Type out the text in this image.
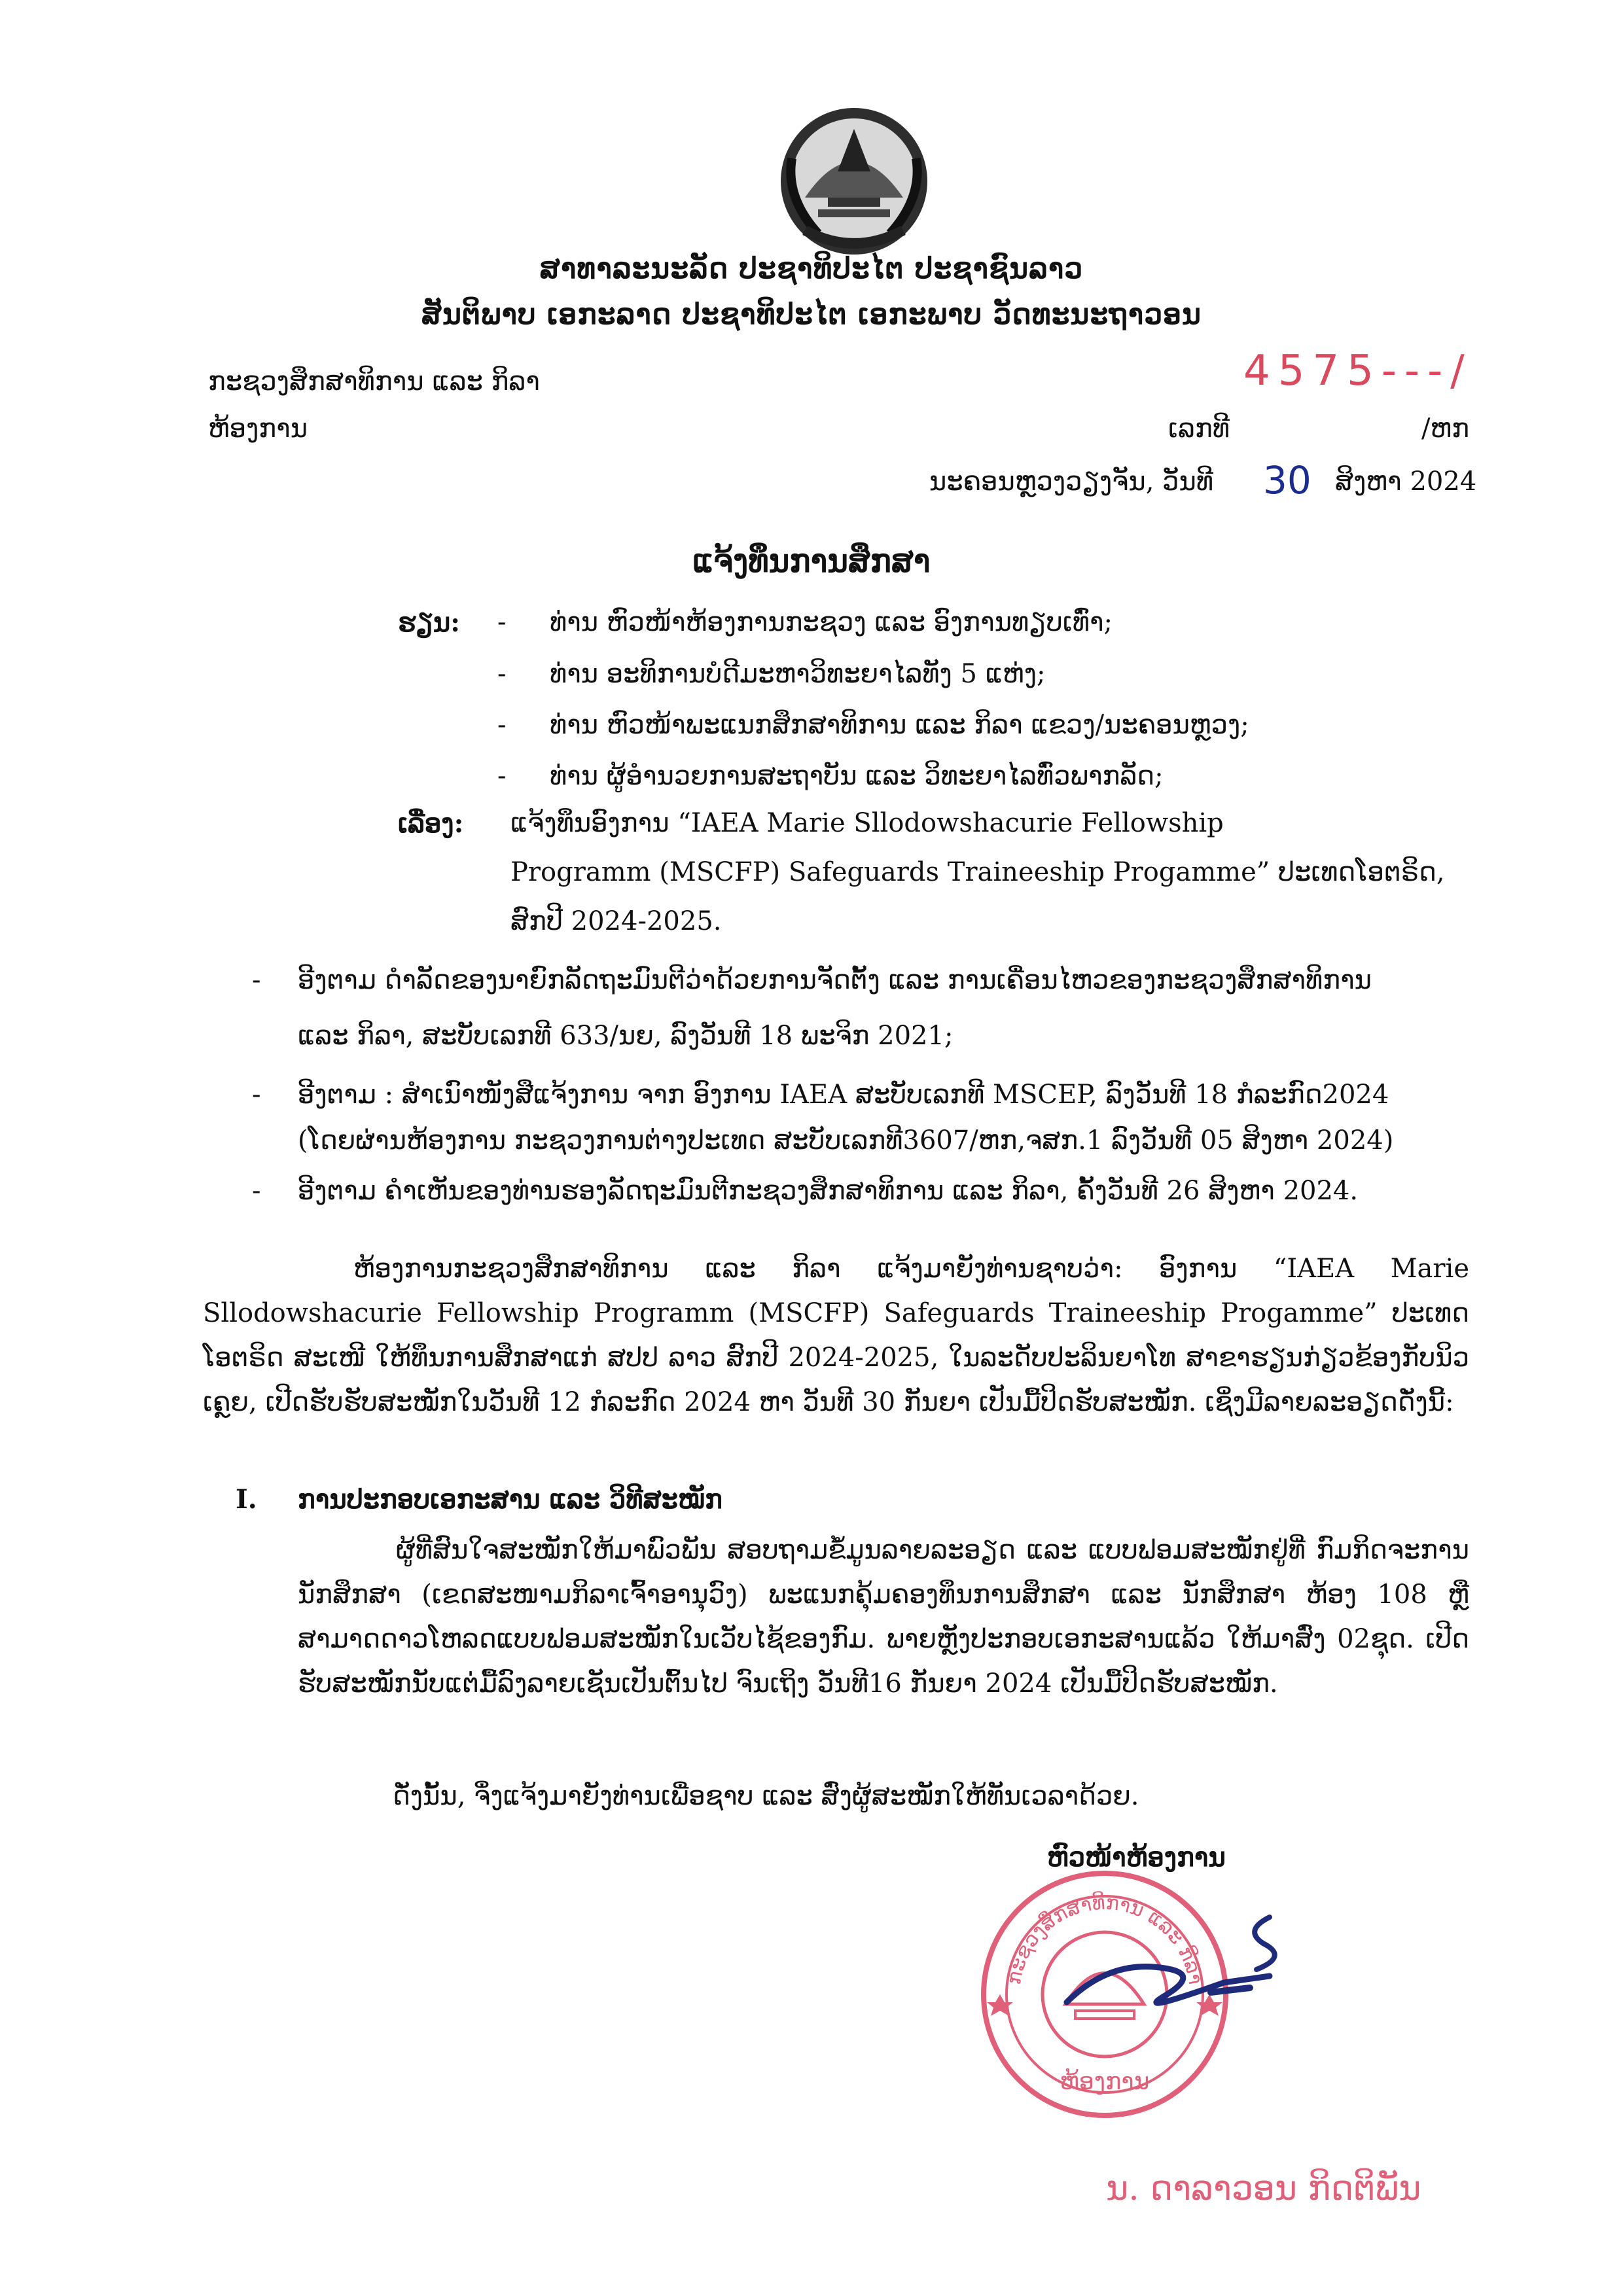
ສາທາລະນະລັດ ປະຊາທິປະໄຕ ປະຊາຊົນລາວ
ສັນຕິພາບ ເອກະລາດ ປະຊາທິປະໄຕ ເອກະພາບ ວັດທະນະຖາວອນ
ກະຊວງສຶກສາທິການ ແລະ ກິລາ
ຫ້ອງການ
4575---/
ເລກທີ	/ຫກ
ນະຄອນຫຼວງວຽງຈັນ, ວັນທີ 30 ສິງຫາ 2024
ແຈ້ງທຶນການສຶກສາ
ຮຽນ: - ທ່ານ ຫົວໜ້າຫ້ອງການກະຊວງ ແລະ ອົງການທຽບເທົ່າ;
- ທ່ານ ອະທິການບໍດີມະຫາວິທະຍາໄລທັງ 5 ແຫ່ງ;
- ທ່ານ ຫົວໜ້າພະແນກສຶກສາທິການ ແລະ ກິລາ ແຂວງ/ນະຄອນຫຼວງ;
- ທ່ານ ຜູ້ອຳນວຍການສະຖາບັນ ແລະ ວິທະຍາໄລທົ່ວພາກລັດ;
ເລື່ອງ: ແຈ້ງທຶນອົງການ “IAEA Marie Sllodowshacurie Fellowship
Programm (MSCFP) Safeguards Traineeship Progamme” ປະເທດໂອຕຣິດ,
ສົກປີ 2024-2025.
- ອີງຕາມ ດຳລັດຂອງນາຍົກລັດຖະມົນຕີວ່າດ້ວຍການຈັດຕັ້ງ ແລະ ການເຄື່ອນໄຫວຂອງກະຊວງສຶກສາທິການ
ແລະ ກິລາ, ສະບັບເລກທີ 633/ນຍ, ລົງວັນທີ 18 ພະຈິກ 2021;
- ອີງຕາມ : ສຳເນົາໜັງສືແຈ້ງການ ຈາກ ອົງການ IAEA ສະບັບເລກທີ MSCEP, ລົງວັນທີ 18 ກໍລະກົດ2024
(ໂດຍຜ່ານຫ້ອງການ ກະຊວງການຕ່າງປະເທດ ສະບັບເລກທີ3607/ຫກ,ຈສກ.1 ລົງວັນທີ 05 ສິງຫາ 2024)
- ອີງຕາມ ຄຳເຫັນຂອງທ່ານຮອງລັດຖະມົນຕີກະຊວງສຶກສາທິການ ແລະ ກິລາ, ຄັ້ງວັນທີ 26 ສິງຫາ 2024.
ຫ້ອງການກະຊວງສຶກສາທິການ ແລະ ກິລາ ແຈ້ງມາຍັງທ່ານຊາບວ່າ: ອົງການ “IAEA Marie Sllodowshacurie Fellowship Programm (MSCFP) Safeguards Traineeship Progamme” ປະເທດ ໂອຕຣິດ ສະເໜີ ໃຫ້ທຶນການສຶກສາແກ່ ສປປ ລາວ ສົກປີ 2024-2025, ໃນລະດັບປະລິນຍາໂທ ສາຂາຮຽນກ່ຽວຂ້ອງກັບນິວເຄຼຍ, ເປີດຮັບຮັບສະໝັກໃນວັນທີ 12 ກໍລະກົດ 2024 ຫາ ວັນທີ 30 ກັນຍາ ເປັນມື້ປິດຮັບສະໝັກ. ເຊິ່ງມີລາຍລະອຽດດັ່ງນີ້:
I. ການປະກອບເອກະສານ ແລະ ວິທີສະໝັກ
ຜູ້ທີ່ສົນໃຈສະໝັກໃຫ້ມາພົວພັນ ສອບຖາມຂໍ້ມູນລາຍລະອຽດ ແລະ ແບບຟອມສະໝັກຢູ່ທີ່ ກົມກິດຈະການນັກສຶກສາ (ເຂດສະໜາມກິລາເຈົ້າອານຸວົງ) ພະແນກຄຸ້ມຄອງທຶນການສຶກສາ ແລະ ນັກສຶກສາ ຫ້ອງ 108 ຫຼື ສາມາດດາວໂຫລດແບບຟອມສະໝັກໃນເວັບໄຊ້ຂອງກົມ. ພາຍຫຼັງປະກອບເອກະສານແລ້ວ ໃຫ້ມາສົ່ງ 02ຊຸດ. ເປີດຮັບສະໝັກນັບແຕ່ມື້ລົງລາຍເຊັນເປັນຕົ້ນໄປ ຈົນເຖິງ ວັນທີ16 ກັນຍາ 2024 ເປັນມື້ປິດຮັບສະໝັກ.
ດັ່ງນັ້ນ, ຈຶ່ງແຈ້ງມາຍັງທ່ານເພື່ອຊາບ ແລະ ສົ່ງຜູ້ສະໝັກໃຫ້ທັນເວລາດ້ວຍ.
ຫົວໜ້າຫ້ອງການ
ກະຊວງສຶກສາທິການ ແລະ ກິລາ
ຫ້ອງການ
ນ. ດາລາວອນ ກິດຕິພັນ
